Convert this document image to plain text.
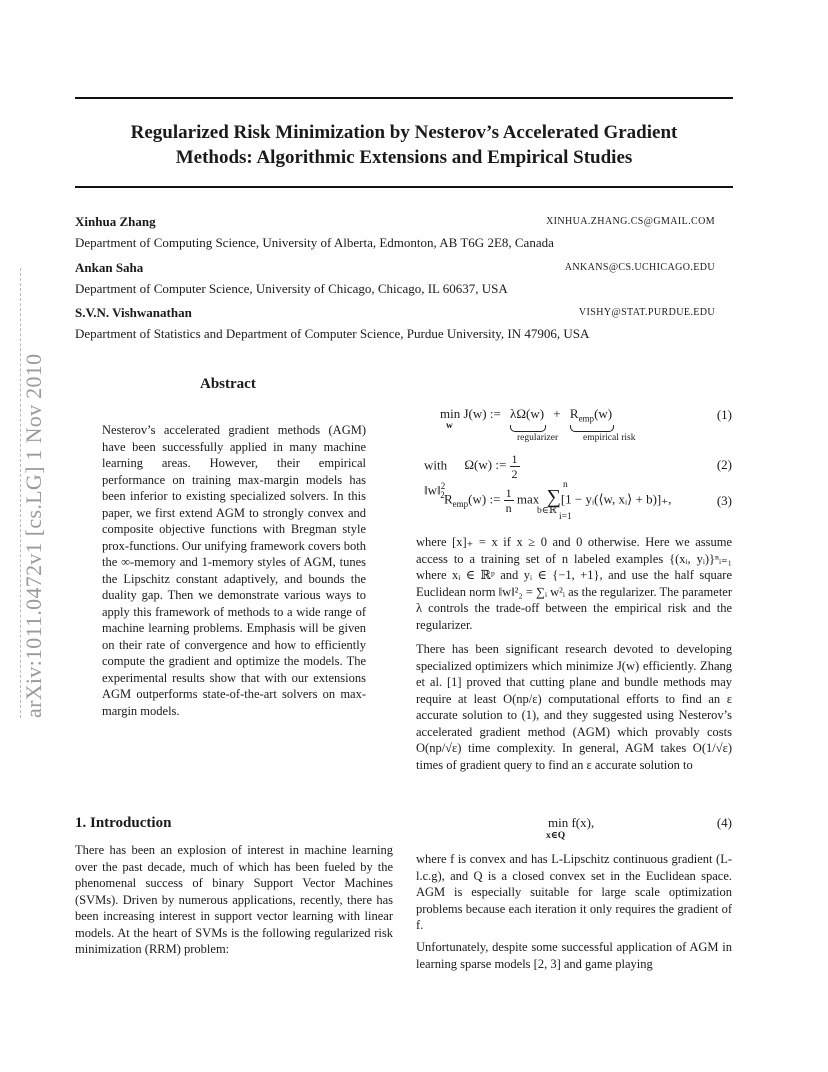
Regularized Risk Minimization by Nesterov’s Accelerated Gradient
Methods: Algorithmic Extensions and Empirical Studies
Xinhua Zhang	XINHUA.ZHANG.CS@GMAIL.COM
Department of Computing Science, University of Alberta, Edmonton, AB T6G 2E8, Canada
Ankan Saha	ANKANS@CS.UCHICAGO.EDU
Department of Computer Science, University of Chicago, Chicago, IL 60637, USA
S.V.N. Vishwanathan	VISHY@STAT.PURDUE.EDU
Department of Statistics and Department of Computer Science, Purdue University, IN 47906, USA
arXiv:1011.0472v1 [cs.LG] 1 Nov 2010	Abstract
Nesterov’s accelerated gradient methods (AGM) have been successfully applied in many machine learning areas. However, their empirical performance on training max-margin models has been inferior to existing specialized solvers. In this paper, we first extend AGM to strongly convex and composite objective functions with Bregman style prox-functions. Our unifying framework covers both the ∞-memory and 1-memory styles of AGM, tunes the Lipschitz constant adaptively, and bounds the duality gap. Then we demonstrate various ways to apply this framework of methods to a wide range of machine learning problems. Emphasis will be given on their rate of convergence and how to efficiently compute the gradient and optimize the models. The experimental results show that with our extensions AGM outperforms state-of-the-art solvers on max-margin models.
1. Introduction
There has been an explosion of interest in machine learning over the past decade, much of which has been fueled by the phenomenal success of binary Support Vector Machines (SVMs). Driven by numerous applications, recently, there has been increasing interest in support vector learning with linear models. At the heart of SVMs is the following regularized risk minimization (RRM) problem:
min J(w) := $\lambda\Omega(w) + R_{emp}(w)$
w
regularizer	empirical risk
(1)
with Ω(w) := $\frac{1}{2}$
‖w‖$^2_2$
(2)
$R_{emp}(w)$ := $\frac{1}{n}$ max ∑[1 − yᵢ(⟨w, xᵢ⟩ + b)]₊,
b∈ℝ
n
i=1
(3)
where [x]₊ = x if x ≥ 0 and 0 otherwise. Here we assume access to a training set of n labeled examples {(xᵢ, yᵢ)}ⁿᵢ₌₁ where xᵢ ∈ ℝᵖ and yᵢ ∈ {−1, +1}, and use the half square Euclidean norm ‖w‖²₂ = ∑ᵢ w²ᵢ as the regularizer. The parameter λ controls the trade-off between the empirical risk and the regularizer.
There has been significant research devoted to developing specialized optimizers which minimize J(w) efficiently. Zhang et al. [1] proved that cutting plane and bundle methods may require at least O(np/ε) computational efforts to find an ε accurate solution to (1), and they suggested using Nesterov’s accelerated gradient method (AGM) which provably costs O(np/√ε) time complexity. In general, AGM takes O(1/√ε) times of gradient query to find an ε accurate solution to
min f(x),
x∈Q
(4)
where f is convex and has L-Lipschitz continuous gradient (L-l.c.g), and Q is a closed convex set in the Euclidean space. AGM is especially suitable for large scale optimization problems because each iteration it only requires the gradient of f.
Unfortunately, despite some successful application of AGM in learning sparse models [2, 3] and game playing
